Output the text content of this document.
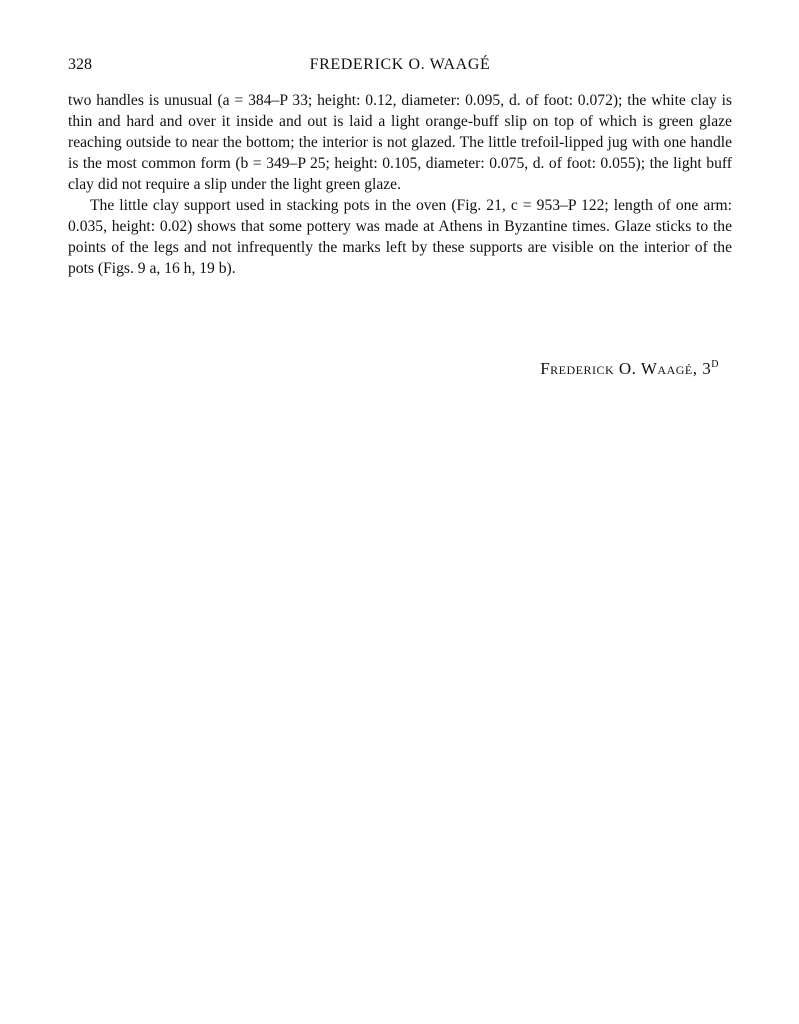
328	FREDERICK O. WAAGÉ

two handles is unusual (a = 384–P 33; height: 0.12, diameter: 0.095, d. of foot: 0.072); the white clay is thin and hard and over it inside and out is laid a light orange-buff slip on top of which is green glaze reaching outside to near the bottom; the interior is not glazed. The little trefoil-lipped jug with one handle is the most common form (b = 349–P 25; height: 0.105, diameter: 0.075, d. of foot: 0.055); the light buff clay did not require a slip under the light green glaze.

The little clay support used in stacking pots in the oven (Fig. 21, c = 953–P 122; length of one arm: 0.035, height: 0.02) shows that some pottery was made at Athens in Byzantine times. Glaze sticks to the points of the legs and not infrequently the marks left by these supports are visible on the interior of the pots (Figs. 9 a, 16 h, 19 b).

Frederick O. Waagé, $3^D$
